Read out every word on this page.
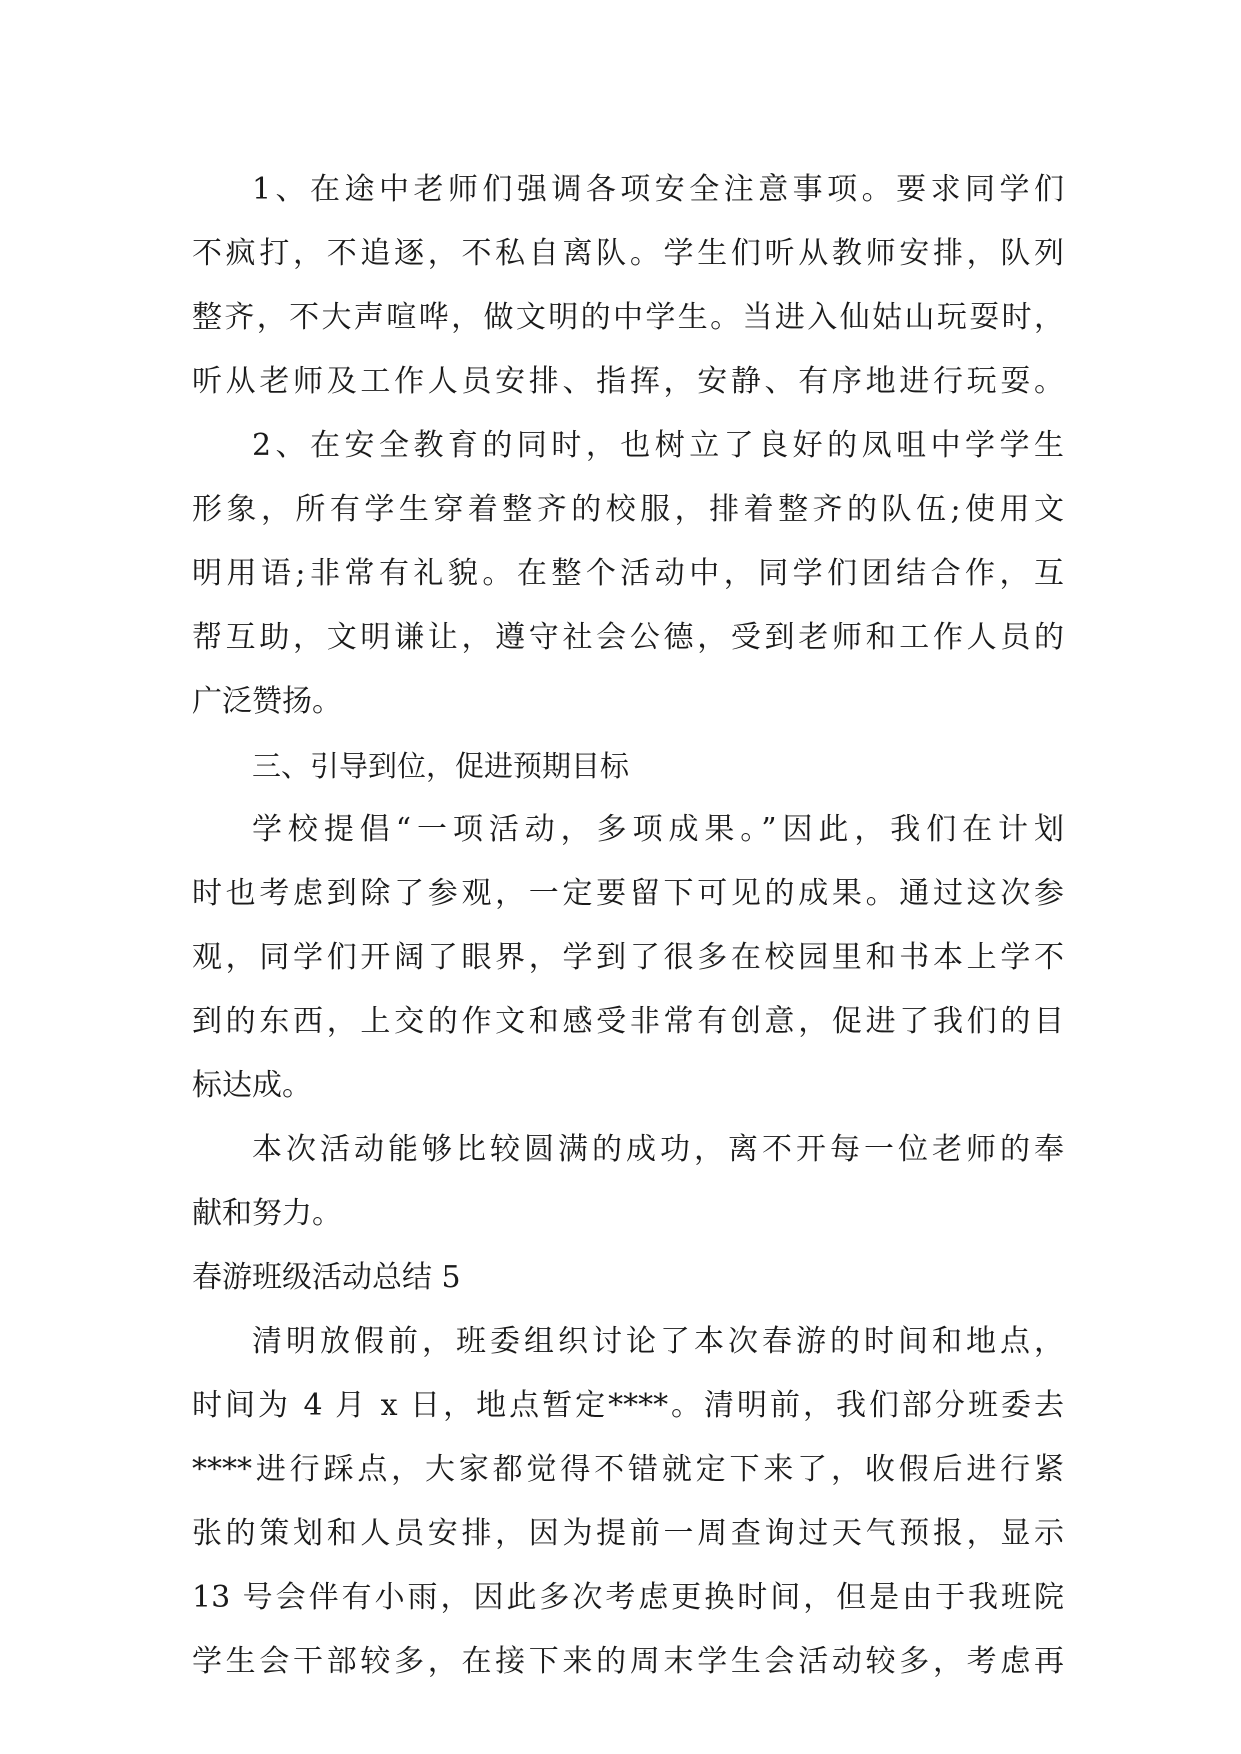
1、在途中老师们强调各项安全注意事项。要求同学们
不疯打，不追逐，不私自离队。学生们听从教师安排，队列
整齐，不大声喧哗，做文明的中学生。当进入仙姑山玩耍时，
听从老师及工作人员安排、指挥，安静、有序地进行玩耍。
2、在安全教育的同时，也树立了良好的凤咀中学学生
形象，所有学生穿着整齐的校服，排着整齐的队伍;使用文
明用语;非常有礼貌。在整个活动中，同学们团结合作，互
帮互助，文明谦让，遵守社会公德，受到老师和工作人员的
广泛赞扬。
三、引导到位，促进预期目标
学校提倡“一项活动，多项成果。”因此，我们在计划
时也考虑到除了参观，一定要留下可见的成果。通过这次参
观，同学们开阔了眼界，学到了很多在校园里和书本上学不
到的东西，上交的作文和感受非常有创意，促进了我们的目
标达成。
本次活动能够比较圆满的成功，离不开每一位老师的奉
献和努力。
春游班级活动总结 5
清明放假前，班委组织讨论了本次春游的时间和地点，
时间为 4 月 x 日，地点暂定****。清明前，我们部分班委去
****进行踩点，大家都觉得不错就定下来了，收假后进行紧
张的策划和人员安排，因为提前一周查询过天气预报，显示
13 号会伴有小雨，因此多次考虑更换时间，但是由于我班院
学生会干部较多，在接下来的周末学生会活动较多，考虑再
